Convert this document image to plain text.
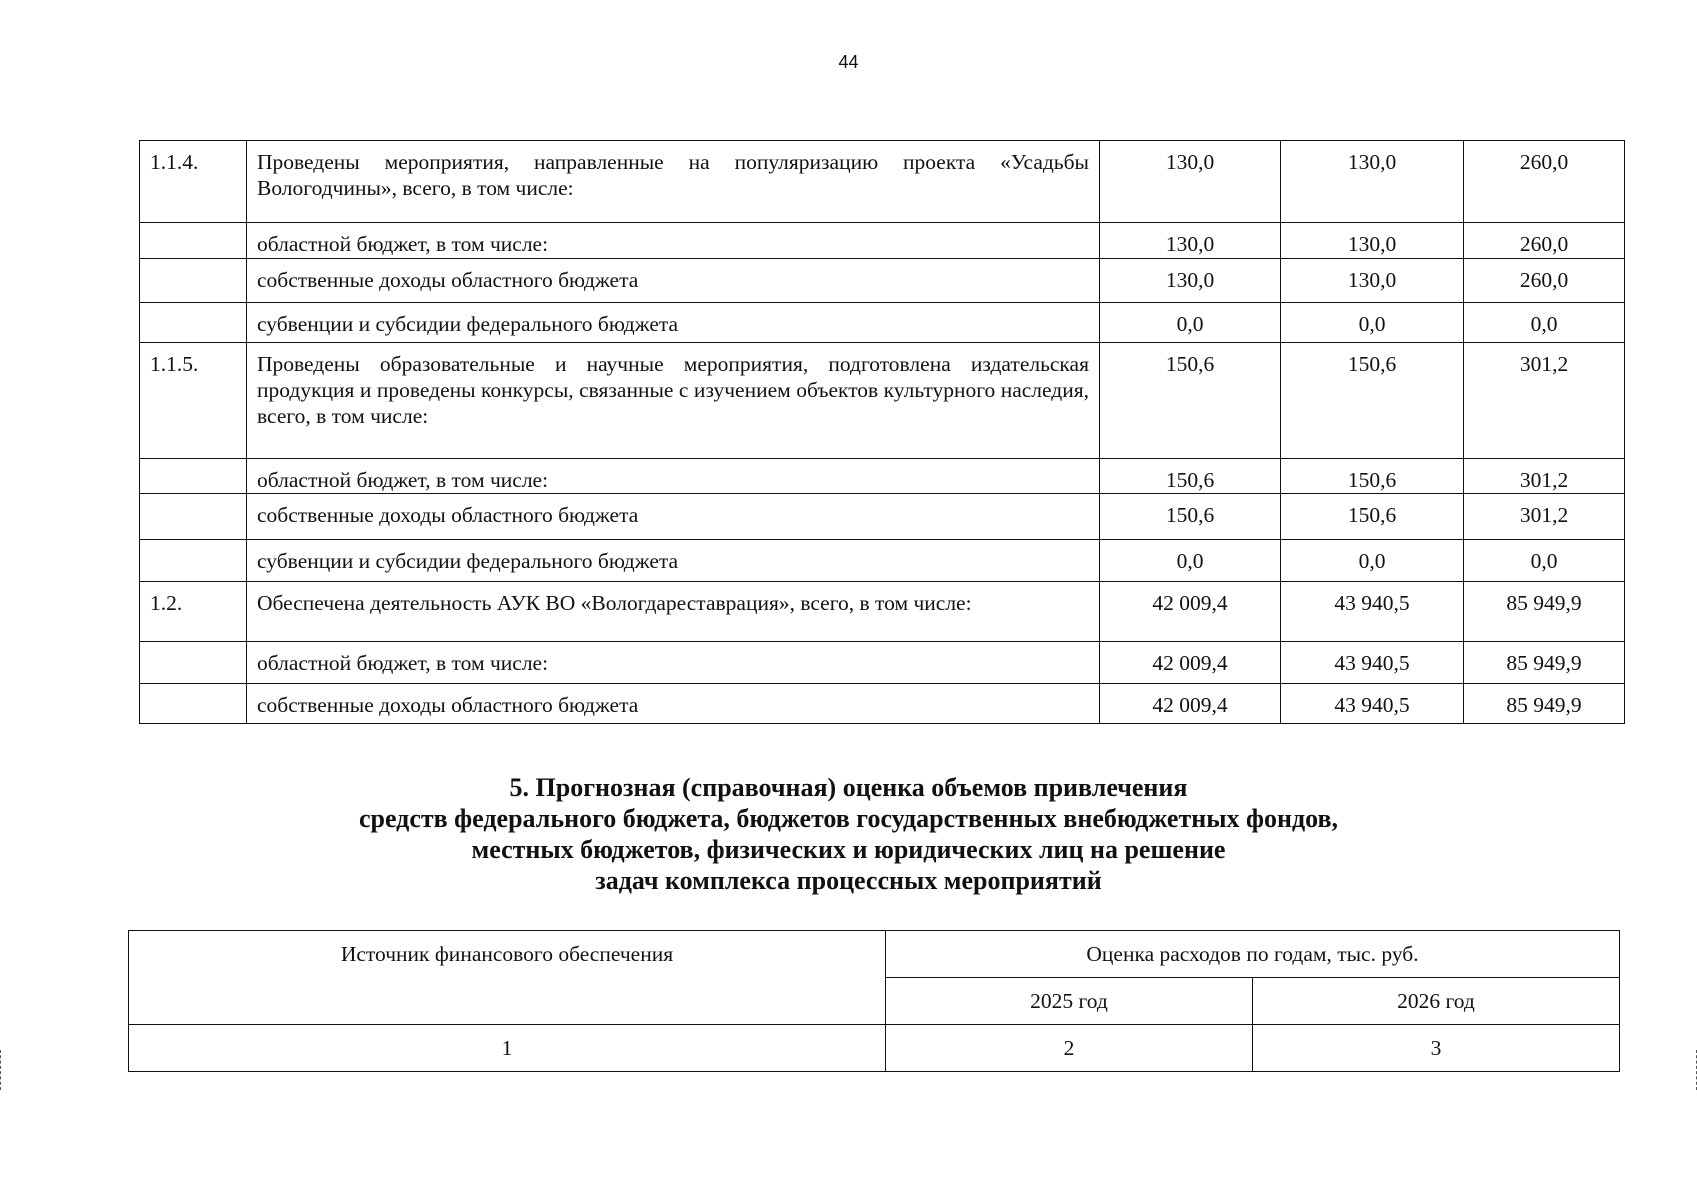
44
1.1.4.	Проведены мероприятия, направленные на популяризацию проекта «Усадьбы Вологодчины», всего, в том числе:	130,0	130,0	260,0
	областной бюджет, в том числе:	130,0	130,0	260,0
	собственные доходы областного бюджета	130,0	130,0	260,0
	субвенции и субсидии федерального бюджета	0,0	0,0	0,0
1.1.5.	Проведены образовательные и научные мероприятия, подготовлена издательская продукция и проведены конкурсы, связанные с изучением объектов культурного наследия, всего, в том числе:	150,6	150,6	301,2
	областной бюджет, в том числе:	150,6	150,6	301,2
	собственные доходы областного бюджета	150,6	150,6	301,2
	субвенции и субсидии федерального бюджета	0,0	0,0	0,0
1.2.	Обеспечена деятельность АУК ВО «Вологдареставрация», всего, в том числе:	42 009,4	43 940,5	85 949,9
	областной бюджет, в том числе:	42 009,4	43 940,5	85 949,9
	собственные доходы областного бюджета	42 009,4	43 940,5	85 949,9
5. Прогнозная (справочная) оценка объемов привлечения
средств федерального бюджета, бюджетов государственных внебюджетных фондов,
местных бюджетов, физических и юридических лиц на решение
задач комплекса процессных мероприятий
Источник финансового обеспечения	Оценка расходов по годам, тыс. руб.	
	2025 год	2026 год
1	2	3
